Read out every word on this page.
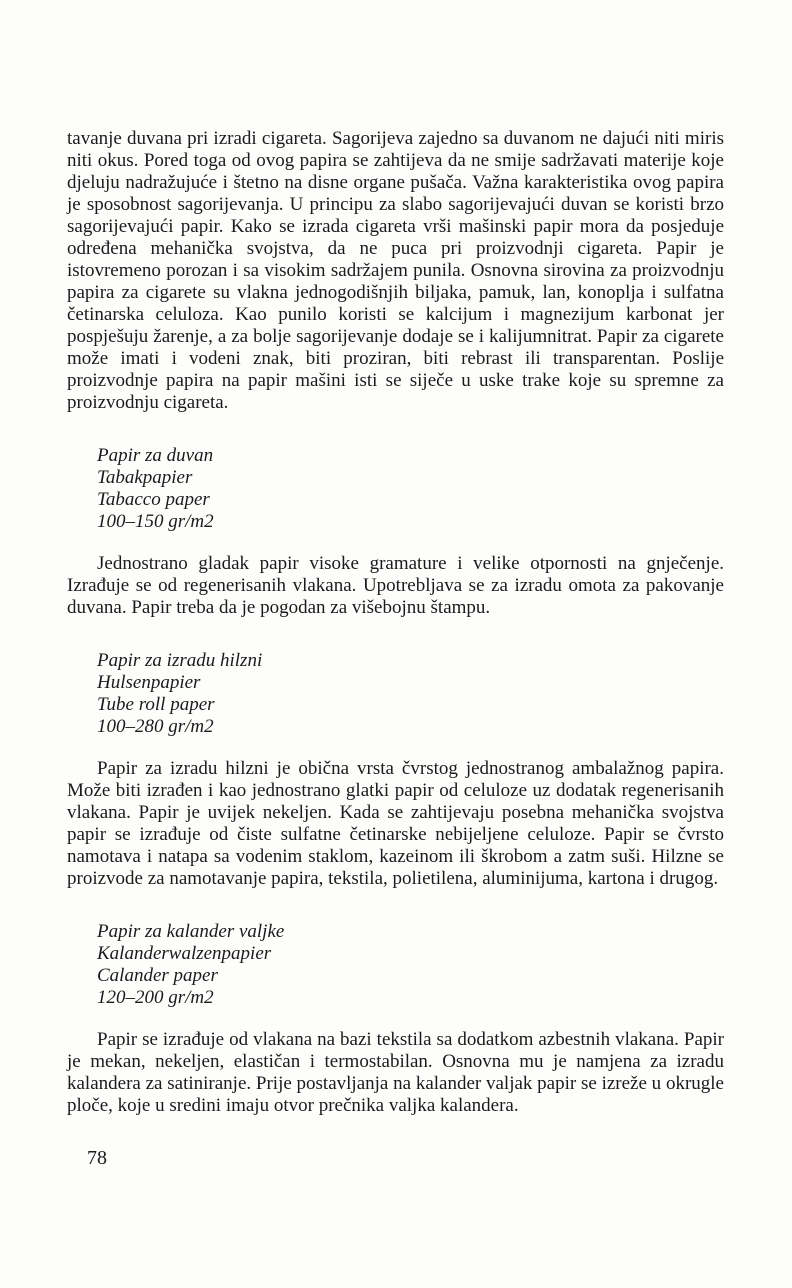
tavanje duvana pri izradi cigareta. Sagorijeva zajedno sa duvanom ne dajući niti miris niti okus. Pored toga od ovog papira se zahtijeva da ne smije sadržavati materije koje djeluju nadražujuće i štetno na disne organe pušača. Važna karakteristika ovog papira je sposobnost sagorijevanja. U principu za slabo sagorijevajući duvan se koristi brzo sagorijevajući papir. Kako se izrada cigareta vrši mašinski papir mora da posjeduje određena mehanička svojstva, da ne puca pri proizvodnji cigareta. Papir je istovremeno porozan i sa visokim sadržajem punila. Osnovna sirovina za proizvodnju papira za cigarete su vlakna jednogodišnjih biljaka, pamuk, lan, konoplja i sulfatna četinarska celuloza. Kao punilo koristi se kalcijum i magnezijum karbonat jer pospješuju žarenje, a za bolje sagorijevanje dodaje se i kalijumnitrat. Papir za cigarete može imati i vodeni znak, biti proziran, biti rebrast ili transparentan. Poslije proizvodnje papira na papir mašini isti se siječe u uske trake koje su spremne za proizvodnju cigareta.

Papir za duvan
Tabakpapier
Tabacco paper
100–150 gr/m2

Jednostrano gladak papir visoke gramature i velike otpornosti na gnječenje. Izrađuje se od regenerisanih vlakana. Upotrebljava se za izradu omota za pakovanje duvana. Papir treba da je pogodan za višebojnu štampu.

Papir za izradu hilzni
Hulsenpapier
Tube roll paper
100–280 gr/m2

Papir za izradu hilzni je obična vrsta čvrstog jednostranog ambalažnog papira. Može biti izrađen i kao jednostrano glatki papir od celuloze uz dodatak regenerisanih vlakana. Papir je uvijek nekeljen. Kada se zahtijevaju posebna mehanička svojstva papir se izrađuje od čiste sulfatne četinarske nebijeljene celuloze. Papir se čvrsto namotava i natapa sa vodenim staklom, kazeinom ili škrobom a zatm suši. Hilzne se proizvode za namotavanje papira, tekstila, polietilena, aluminijuma, kartona i drugog.

Papir za kalander valjke
Kalanderwalzenpapier
Calander paper
120–200 gr/m2

Papir se izrađuje od vlakana na bazi tekstila sa dodatkom azbestnih vlakana. Papir je mekan, nekeljen, elastičan i termostabilan. Osnovna mu je namjena za izradu kalandera za satiniranje. Prije postavljanja na kalander valjak papir se izreže u okrugle ploče, koje u sredini imaju otvor prečnika valjka kalandera.

78
